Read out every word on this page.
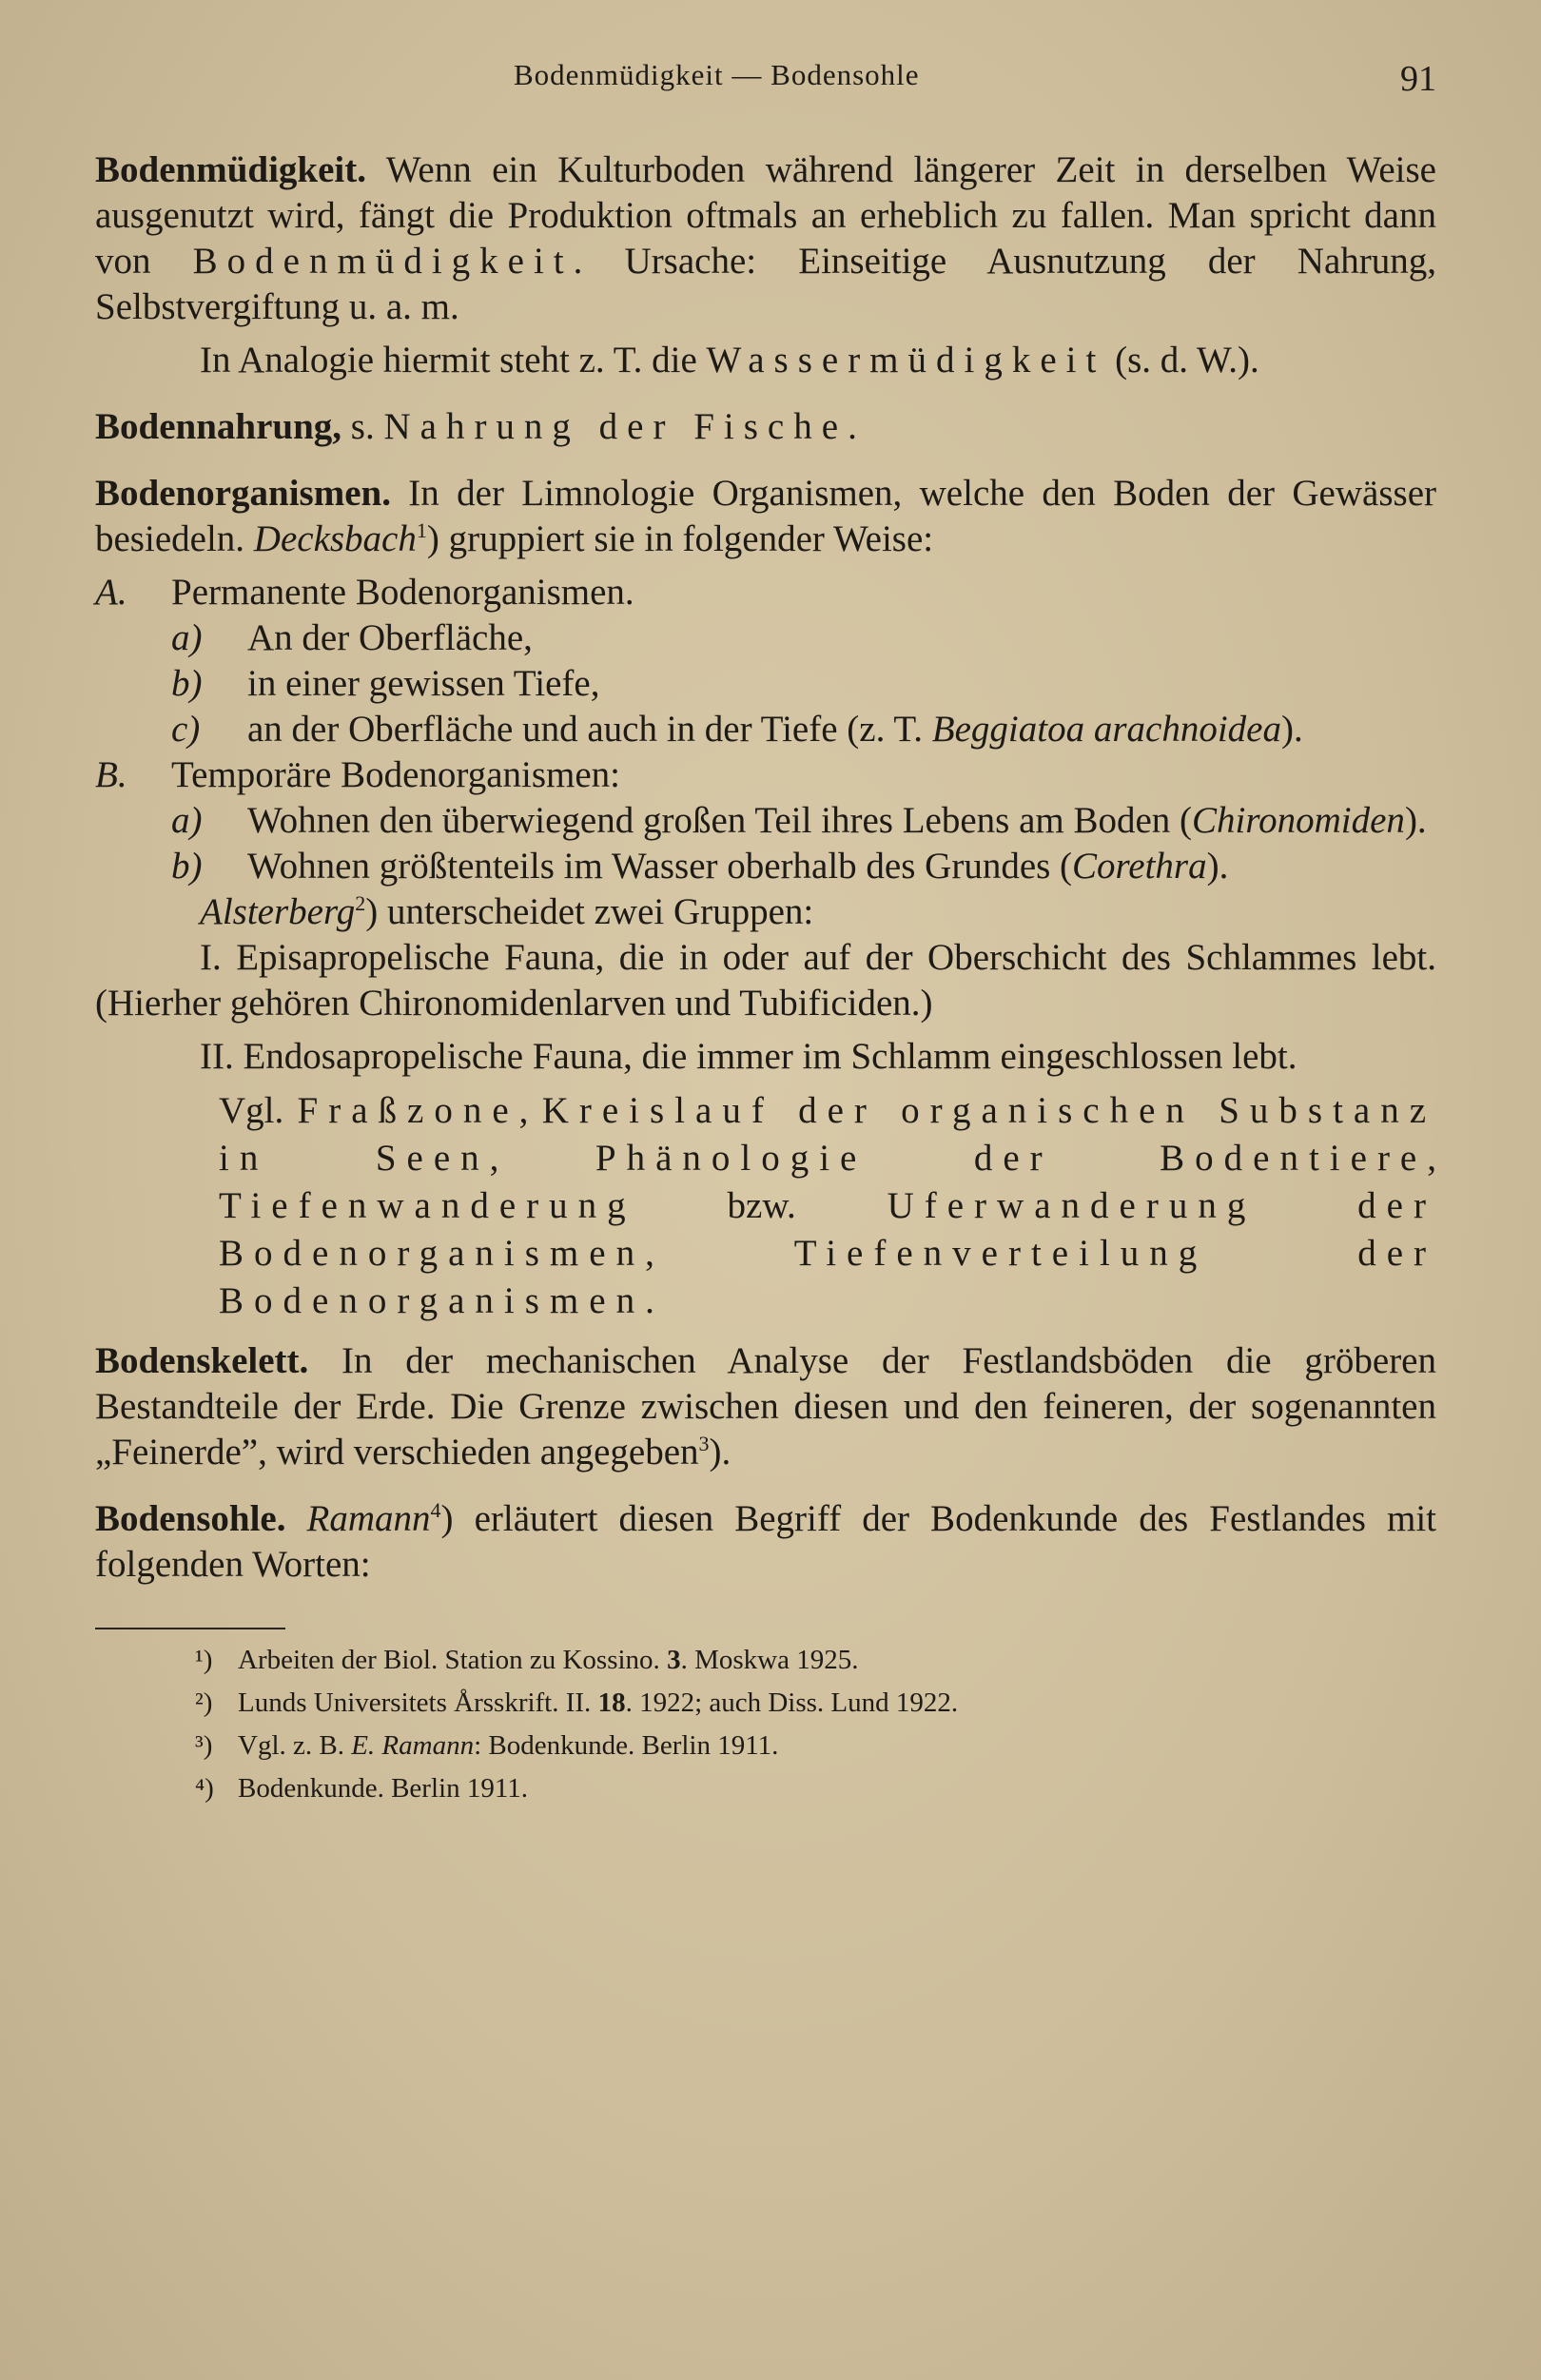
Bodenmüdigkeit — Bodensohle	91

Bodenmüdigkeit. Wenn ein Kulturboden während längerer Zeit in derselben Weise ausgenutzt wird, fängt die Produktion oftmals an erheblich zu fallen. Man spricht dann von Bodenmüdigkeit. Ursache: Einseitige Ausnutzung der Nahrung, Selbstvergiftung u. a. m.

In Analogie hiermit steht z. T. die Wassermüdigkeit (s. d. W.).

Bodennahrung, s. Nahrung der Fische.

Bodenorganismen. In der Limnologie Organismen, welche den Boden der Gewässer besiedeln. Decksbach$^1$) gruppiert sie in folgender Weise:

A.	Permanente Bodenorganismen.
a)	An der Oberfläche,
b)	in einer gewissen Tiefe,
c)	an der Oberfläche und auch in der Tiefe (z. T. Beggiatoa arachnoidea).
B.	Temporäre Bodenorganismen:
a)	Wohnen den überwiegend großen Teil ihres Lebens am Boden (Chironomiden).
b)	Wohnen größtenteils im Wasser oberhalb des Grundes (Corethra).

Alsterberg$^2$) unterscheidet zwei Gruppen:

I. Episapropelische Fauna, die in oder auf der Oberschicht des Schlammes lebt. (Hierher gehören Chironomidenlarven und Tubificiden.)

II. Endosapropelische Fauna, die immer im Schlamm eingeschlossen lebt.

Vgl. Fraßzone, Kreislauf der organischen Substanz in Seen, Phänologie der Bodentiere, Tiefenwanderung bzw. Uferwanderung der Bodenorganismen, Tiefenverteilung der Bodenorganismen.

Bodenskelett. In der mechanischen Analyse der Festlandsböden die gröberen Bestandteile der Erde. Die Grenze zwischen diesen und den feineren, der sogenannten „Feinerde”, wird verschieden angegeben$^3$).

Bodensohle. Ramann$^4$) erläutert diesen Begriff der Bodenkunde des Festlandes mit folgenden Worten:

¹) Arbeiten der Biol. Station zu Kossino. 3. Moskwa 1925.
²) Lunds Universitets Årsskrift. II. 18. 1922; auch Diss. Lund 1922.
³) Vgl. z. B. E. Ramann: Bodenkunde. Berlin 1911.
⁴) Bodenkunde. Berlin 1911.
